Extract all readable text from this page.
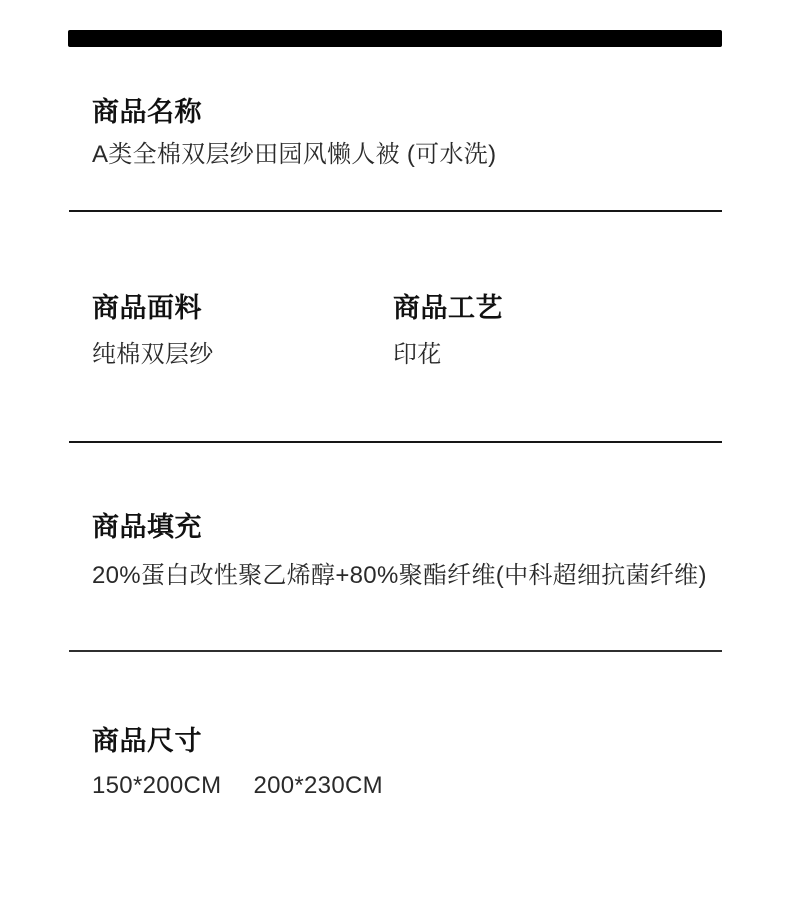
商品名称
A类全棉双层纱田园风懒人被 (可水洗)
商品面料	商品工艺
纯棉双层纱	印花
商品填充
20%蛋白改性聚乙烯醇+80%聚酯纤维(中科超细抗菌纤维)
商品尺寸
150*200CM 200*230CM
